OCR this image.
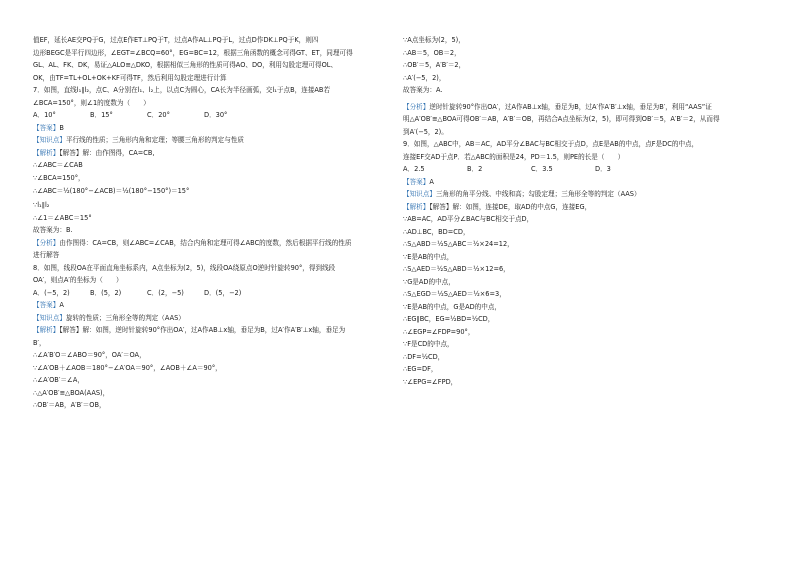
值EF，延长AE交PQ于G，过点E作ET⊥PQ于T，过点A作AL⊥PQ于L，过点D作DK⊥PQ于K，则四

边形BEGC是平行四边形，∠EGT=∠BCQ=60°，EG=BC=12，根据三角函数的概念可得GT、ET，同理可得

GL、AL、FK、DK，易证△ALO≌△DKO，根据相似三角形的性质可得AO、DO，利用勾股定理可得OL、

OK，由TF=TL+OL+OK+KF可得TF，然后利用勾股定理进行计算

7．如图，直线l₁∥l₂，点C、A分别在l₁、l₂上，以点C为圆心，CA长为半径画弧，交l₁于点B，连接AB若

∠BCA=150°，则∠1的度数为（　　）

A．10°	B．15°	C．20°	D．30°

【答案】B

【知识点】平行线的性质；三角形内角和定理；等腰三角形的判定与性质

【解析】【解答】解：由作图得，CA=CB,

∴∠ABC＝∠CAB

∵∠BCA=150°，

∴∠ABC＝½(180°−∠ACB)＝½(180°−150°)＝15°

∵l₁∥l₂

∴∠1＝∠ABC＝15°

故答案为：B.

【分析】由作图得：CA=CB，则∠ABC=∠CAB，结合内角和定理可得∠ABC的度数，然后根据平行线的性质

进行解答

8．如图，线段OA在平面直角坐标系内，A点坐标为(2，5)，线段OA绕原点O逆时针旋转90°，得到线段

OA′，则点A′的坐标为（　　）

A．(−5，2)	B．(5，2)	C．(2，−5)	D．(5，−2)

【答案】A

【知识点】旋转的性质；三角形全等的判定（AAS）

【解析】【解答】解：如图，逆时针旋转90°作出OA′，过A作AB⊥x轴，垂足为B，过A′作A′B′⊥x轴，垂足为

B′，

∴∠A′B′O＝∠ABO＝90°，OA′＝OA，

∵∠A′OB＋∠AOB＝180°−∠A′OA＝90°，∠AOB＋∠A＝90°，

∴∠A′OB′＝∠A，

∴△A′OB′≌△BOA(AAS)，

∴OB′＝AB，A′B′＝OB，

∵A点坐标为(2，5)，

∴AB＝5，OB＝2，

∴OB′＝5，A′B′＝2，

∴A′(−5，2)，

故答案为：A.

【分析】逆时针旋转90°作出OA′，过A作AB⊥x轴，垂足为B，过A′作A′B′⊥x轴，垂足为B′，利用“AAS”证

明△A′OB′≌△BOA可得OB′＝AB，A′B′＝OB，再结合A点坐标为(2，5)，即可得到OB′＝5，A′B′＝2，从而得

到A′(−5，2)。

9．如图，△ABC中，AB＝AC，AD平分∠BAC与BC相交于点D，点E是AB的中点，点F是DC的中点，

连接EF交AD于点P．若△ABC的面积是24，PD＝1.5，则PE的长是（　　）

A．2.5	B．2	C．3.5	D．3

【答案】A

【知识点】三角形的角平分线、中线和高；勾股定理；三角形全等的判定（AAS）

【解析】【解答】解：如图，连接DE，取AD的中点G，连接EG，

∵AB=AC，AD平分∠BAC与BC相交于点D，

∴AD⊥BC，BD=CD，

∴S△ABD＝½S△ABC＝½×24=12，

∵E是AB的中点，

∴S△AED＝½S△ABD＝½×12=6，

∵G是AD的中点，

∴S△EGD＝½S△AED＝½×6=3，

∵E是AB的中点，G是AD的中点，

∴EG∥BC，EG=½BD=½CD，

∴∠EGP=∠FDP=90°，

∵F是CD的中点，

∴DF=½CD，

∴EG=DF，

∵∠EPG=∠FPD，
